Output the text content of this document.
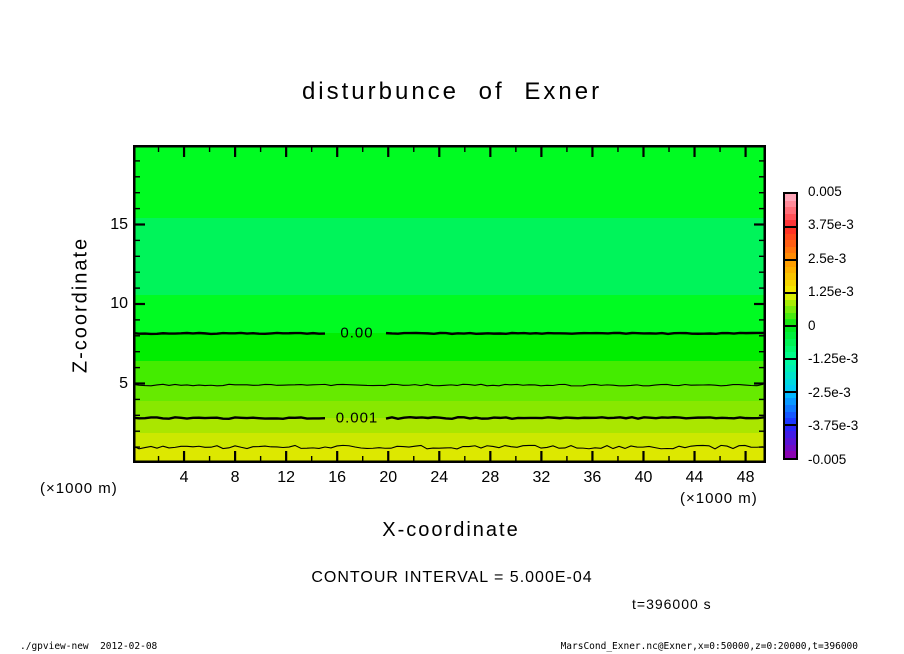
disturbunce of Exner
Z-coordinate	0.00
0.001
4	8	12	16	20	24	28	32	36	40	44	48
5
10
15
(×1000 m)
(×1000 m)
X-coordinate
CONTOUR INTERVAL = 5.000E-04
t=396000 s
0.005
3.75e-3
2.5e-3
1.25e-3
0
-1.25e-3
-2.5e-3
-3.75e-3
-0.005
./gpview-new  2012-02-08	MarsCond_Exner.nc@Exner,x=0:50000,z=0:20000,t=396000
